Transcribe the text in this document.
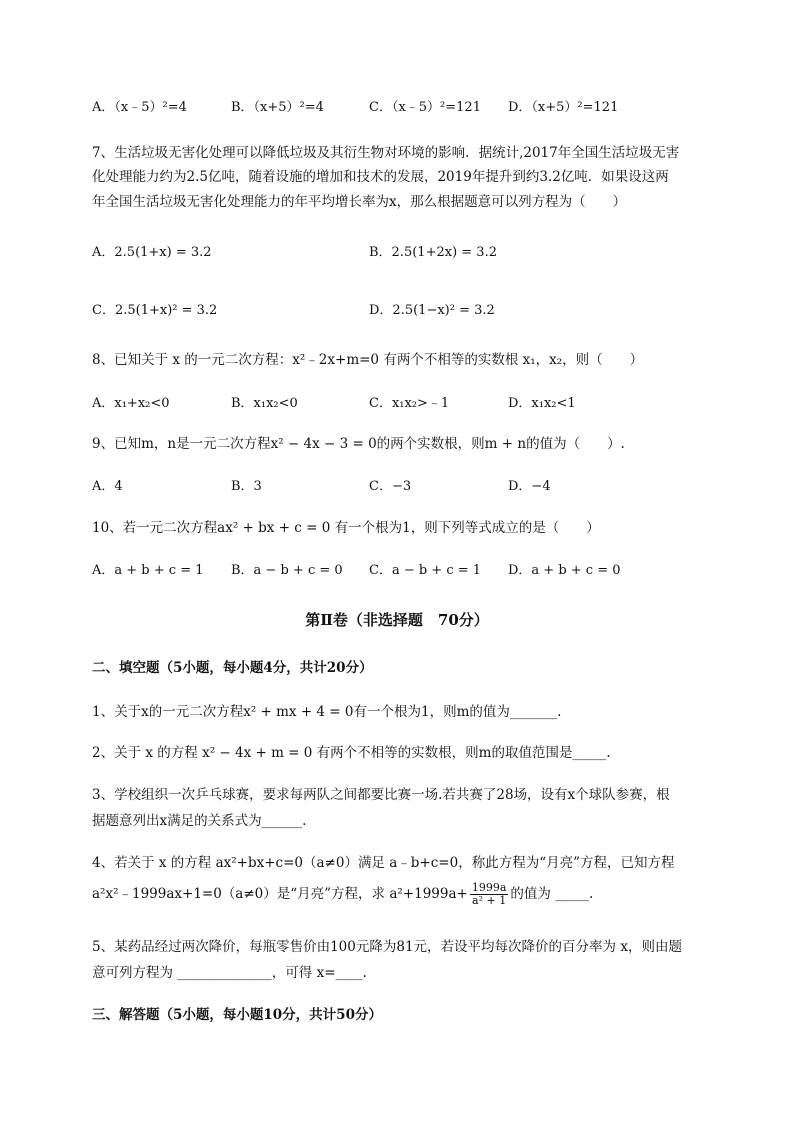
A．（x﹣5）²=4	B．（x+5）²=4	C．（x﹣5）²=121 D．（x+5）²=121
7、生活垃圾无害化处理可以降低垃圾及其衍生物对环境的影响．据统计,2017年全国生活垃圾无害
化处理能力约为2.5亿吨，随着设施的增加和技术的发展，2019年提升到约3.2亿吨．如果设这两
年全国生活垃圾无害化处理能力的年平均增长率为x，那么根据题意可以列方程为（　　）
A．2.5(1+x) = 3.2	B．2.5(1+2x) = 3.2
C．2.5(1+x)² = 3.2	D．2.5(1−x)² = 3.2
8、已知关于 x 的一元二次方程：x²﹣2x+m=0 有两个不相等的实数根 x₁，x₂，则（　　）
A．x₁+x₂<0	B．x₁x₂<0	C．x₁x₂>﹣1	D．x₁x₂<1
9、已知m，n是一元二次方程x² − 4x − 3 = 0的两个实数根，则m + n的值为（　　）.
A．4	B．3	C．−3	D．−4
10、若一元二次方程ax² + bx + c = 0 有一个根为1，则下列等式成立的是（　　）
A．a + b + c = 1 B．a − b + c = 0 C．a − b + c = 1 D．a + b + c = 0
第Ⅱ卷（非选择题　70分）
二、填空题（5小题，每小题4分，共计20分）
1、关于x的一元二次方程x² + mx + 4 = 0有一个根为1，则m的值为_______.
2、关于 x 的方程 x² − 4x + m = 0 有两个不相等的实数根，则m的取值范围是_____.
3、学校组织一次乒乓球赛，要求每两队之间都要比赛一场.若共赛了28场，设有x个球队参赛，根
据题意列出x满足的关系式为______.
4、若关于 x 的方程 ax²+bx+c=0（a≠0）满足 a﹣b+c=0，称此方程为“月亮”方程，已知方程
a²x²﹣1999ax+1=0（a≠0）是“月亮”方程，求 $a^2+1999a+ \frac{1999a}{\text{a² + 1}}$ 的值为 _____.
5、某药品经过两次降价，每瓶零售价由100元降为81元，若设平均每次降价的百分率为 x，则由题
意可列方程为 ______________，可得 x=____.
三、解答题（5小题，每小题10分，共计50分）
